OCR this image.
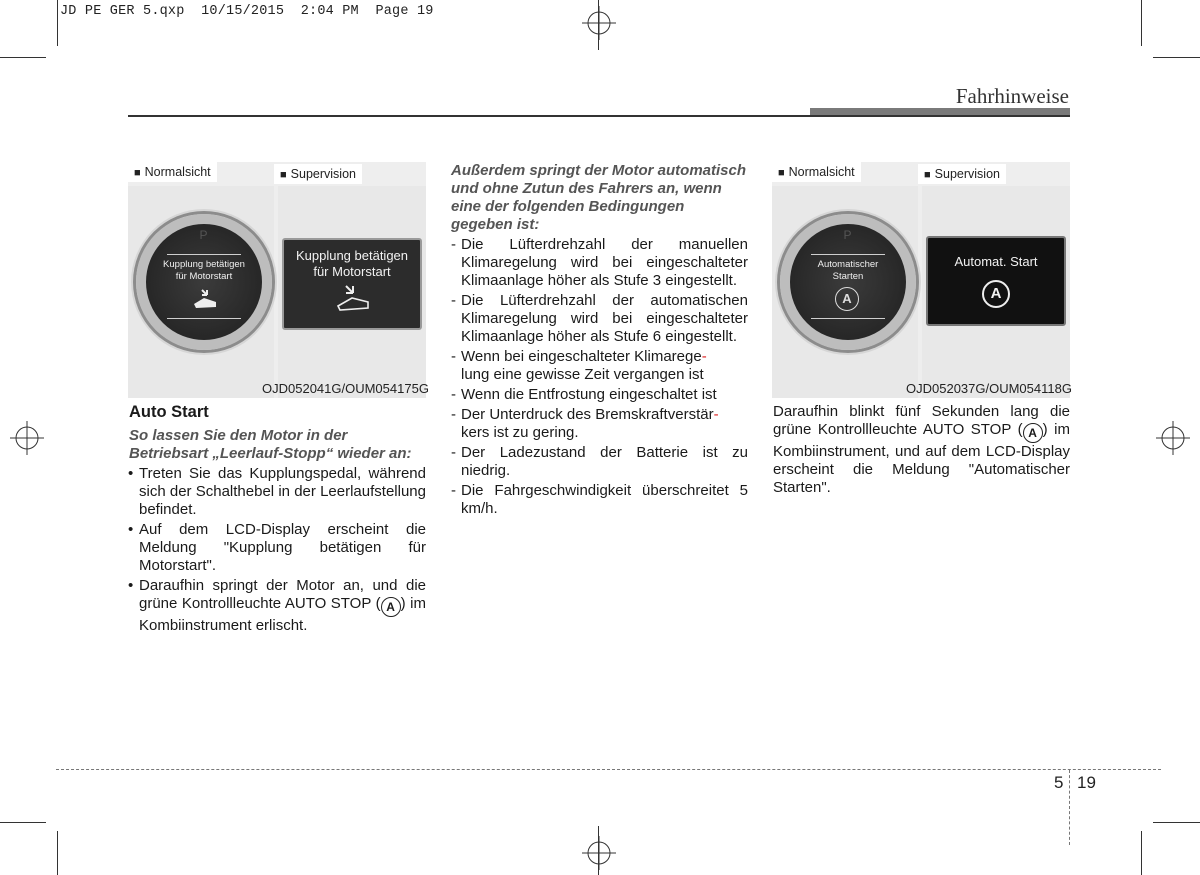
JD PE GER 5.qxp  10/15/2015  2:04 PM  Page 19
Fahrhinweise
■ Normalsicht	■ Supervision
P
Kupplung betätigen
für Motorstart
Kupplung betätigen
für Motorstart
OJD052041G/OUM054175G
■ Normalsicht	■ Supervision
P
Automatischer
Starten
A
Automat. Start
A
OJD052037G/OUM054118G
Auto Start
So lassen Sie den Motor in der Betriebsart „Leerlauf-Stopp“ wieder an:
• Treten Sie das Kupplungspedal, während sich der Schalthebel in der Leerlaufstellung befindet.
• Auf dem LCD-Display erscheint die Meldung "Kupplung betätigen für Motorstart".
• Daraufhin springt der Motor an, und die grüne Kontrollleuchte AUTO STOP ( A ) im Kombiinstrument erlischt.
Außerdem springt der Motor automatisch und ohne Zutun des Fahrers an, wenn eine der folgenden Bedingungen gegeben ist:
- Die Lüfterdrehzahl der manuellen Klimaregelung wird bei eingeschalteter Klimaanlage höher als Stufe 3 eingestellt.
- Die Lüfterdrehzahl der automatischen Klimaregelung wird bei eingeschalteter Klimaanlage höher als Stufe 6 eingestellt.
- Wenn bei eingeschalteter Klimarege-
lung eine gewisse Zeit vergangen ist
- Wenn die Entfrostung eingeschaltet ist
- Der Unterdruck des Bremskraftverstär-
kers ist zu gering.
- Der Ladezustand der Batterie ist zu niedrig.
- Die Fahrgeschwindigkeit überschreitet 5 km/h.
Daraufhin blinkt fünf Sekunden lang die grüne Kontrollleuchte AUTO STOP ( A ) im Kombiinstrument, und auf dem LCD-Display erscheint die Meldung "Automatischer Starten".
5 19
